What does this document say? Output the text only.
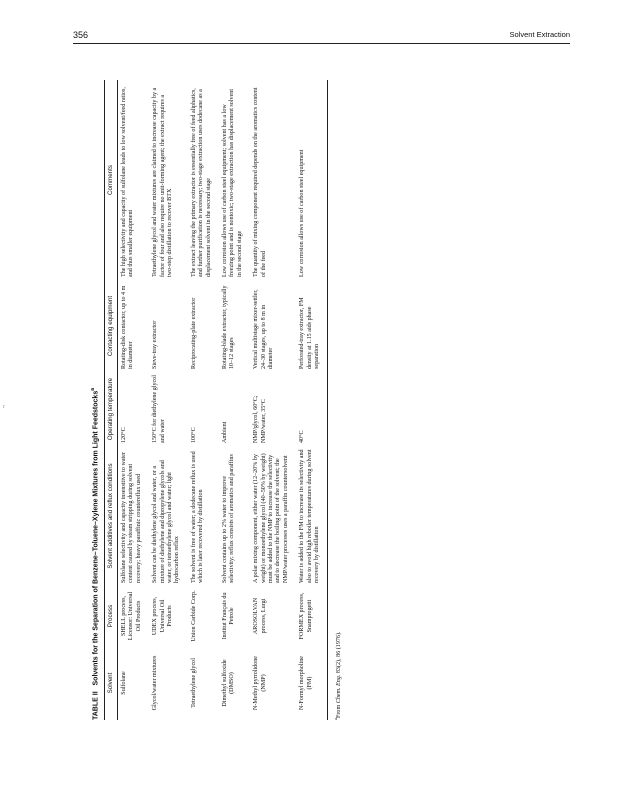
356	Solvent Extraction
r
TABLE II   Solvents for the Separation of Benzene–Toluene–Xylene Mixtures from Light Feedstocks$^a$
Solvent	Process	Solvent additives and reflux conditions	Operating temperature	Contacting equipment	Comments
Sulfolane	SHELL process, Licensor: Universal Oil Products	Sulfolane selectivity and capacity insensitive to water content caused by steam stripping during solvent recovery; heavy paraffinic countereflux used	120°C	Rotating-disk contactor, up to 4 m in diameter	The high selectivity and capacity of sulfolane leads to low solvent/feed ratios, and thus smaller equipment
Glycol/water mixtures	UDEX process, Universal Oil Products	Solvent can be diethylene glycol and water, or a mixture of diethylene and dipropylene glycols and water, or tetraethylene glycol and water; light hydrocarbon reflux	150°C for diethylene glycol and water	Sieve-tray extractor	Tetraethylene glycol and water mixtures are claimed to increase capacity by a factor of four and also require no unit-forming agent; the extract requires a two-step distillation to recover BTX
Tetraethylene glycol	Union Carbide Corp.	The solvent is free of water; a dodecane reflux is used which is later recovered by distillation	100°C	Reciprocating-plate extractor	The extract leaving the primary extractor is essentially free of feed aliphatics, and further purification is necessary; two-stage extraction uses dodecane as a displacement solvent in the second stage
Dimethyl sulfoxide (DMSO)	Institut Français du Petrole	Solvent contains up to 2% water to improve selectivity; reflux consists of aromatics and paraffins	Ambient	Rotating-blade extractor, typically 10–12 stages	Low corrosion allows use of carbon steel equipment; solvent has a low freezing point and is nontoxic; two-stage extraction has displacement solvent in the second stage
N-Methyl pyrrolidone (NMP)	AROSOLVAN process, Lurgi	A polar mixing component, either water (12–20% by weight) or monoethylene glycol (40–50% by weight) must be added to the NMP to increase the selectivity and to decrease the boiling point of the solvent; the NMP/water processes uses a paraffin countersolvent	NMP/glycol, 60°C; NMP/water, 35°C	Vertical multistage mixer-settler, 24–30 stages, up to 8 m in diameter	The quantity of mixing component required depends on the aromatics content of the feed
N-Formyl morpholine (FM)	FORMEX process, Snamprogetti	Water is added to the FM to increase its selectivity and also to avoid high reboiler temperatures during solvent recovery by distillation	40°C	Perforated-tray extractor, FM density at 1.15 aids phase separation	Low corrosion allows use of carbon steel equipment
$^a$From Chem. Eng. 83(2), 86 (1976).
